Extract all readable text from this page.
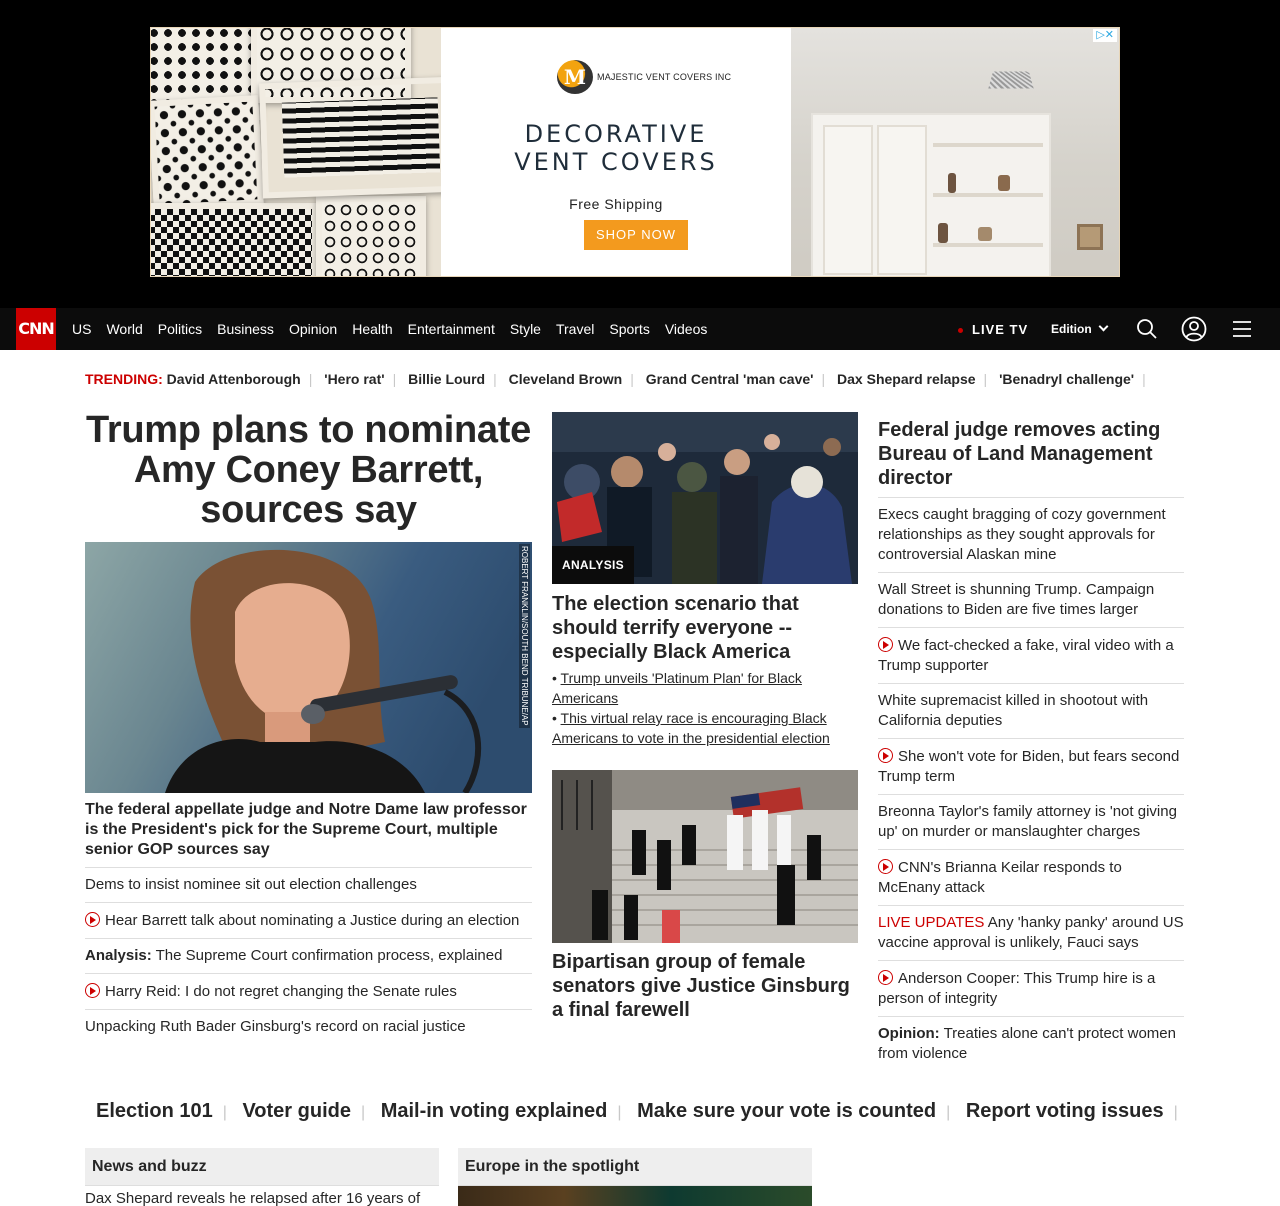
M	MAJESTIC VENT COVERS INC
DECORATIVE
VENT COVERS
Free Shipping
SHOP NOW
▷✕
CNN US World Politics Business Opinion Health Entertainment Style Travel Sports Videos	LIVE TV Edition
TRENDING: David Attenborough | 'Hero rat' | Billie Lourd | Cleveland Brown | Grand Central 'man cave' | Dax Shepard relapse | 'Benadryl challenge' |
Trump plans to nominate Amy Coney Barrett, sources say
ROBERT FRANKLIN/SOUTH BEND TRIBUNE/AP
The federal appellate judge and Notre Dame law professor is the President's pick for the Supreme Court, multiple senior GOP sources say
Dems to insist nominee sit out election challenges
Hear Barrett talk about nominating a Justice during an election
Analysis: The Supreme Court confirmation process, explained
Harry Reid: I do not regret changing the Senate rules
Unpacking Ruth Bader Ginsburg's record on racial justice
ANALYSIS
The election scenario that should terrify everyone -- especially Black America
• Trump unveils 'Platinum Plan' for Black Americans
• This virtual relay race is encouraging Black Americans to vote in the presidential election
Bipartisan group of female senators give Justice Ginsburg a final farewell
Federal judge removes acting Bureau of Land Management director
Execs caught bragging of cozy government relationships as they sought approvals for controversial Alaskan mine
Wall Street is shunning Trump. Campaign donations to Biden are five times larger
We fact-checked a fake, viral video with a Trump supporter
White supremacist killed in shootout with California deputies
She won't vote for Biden, but fears second Trump term
Breonna Taylor's family attorney is 'not giving up' on murder or manslaughter charges
CNN's Brianna Keilar responds to McEnany attack
LIVE UPDATES Any 'hanky panky' around US vaccine approval is unlikely, Fauci says
Anderson Cooper: This Trump hire is a person of integrity
Opinion: Treaties alone can't protect women from violence
Election 101 | Voter guide | Mail-in voting explained | Make sure your vote is counted | Report voting issues |
News and buzz
Dax Shepard reveals he relapsed after 16 years of
Europe in the spotlight
